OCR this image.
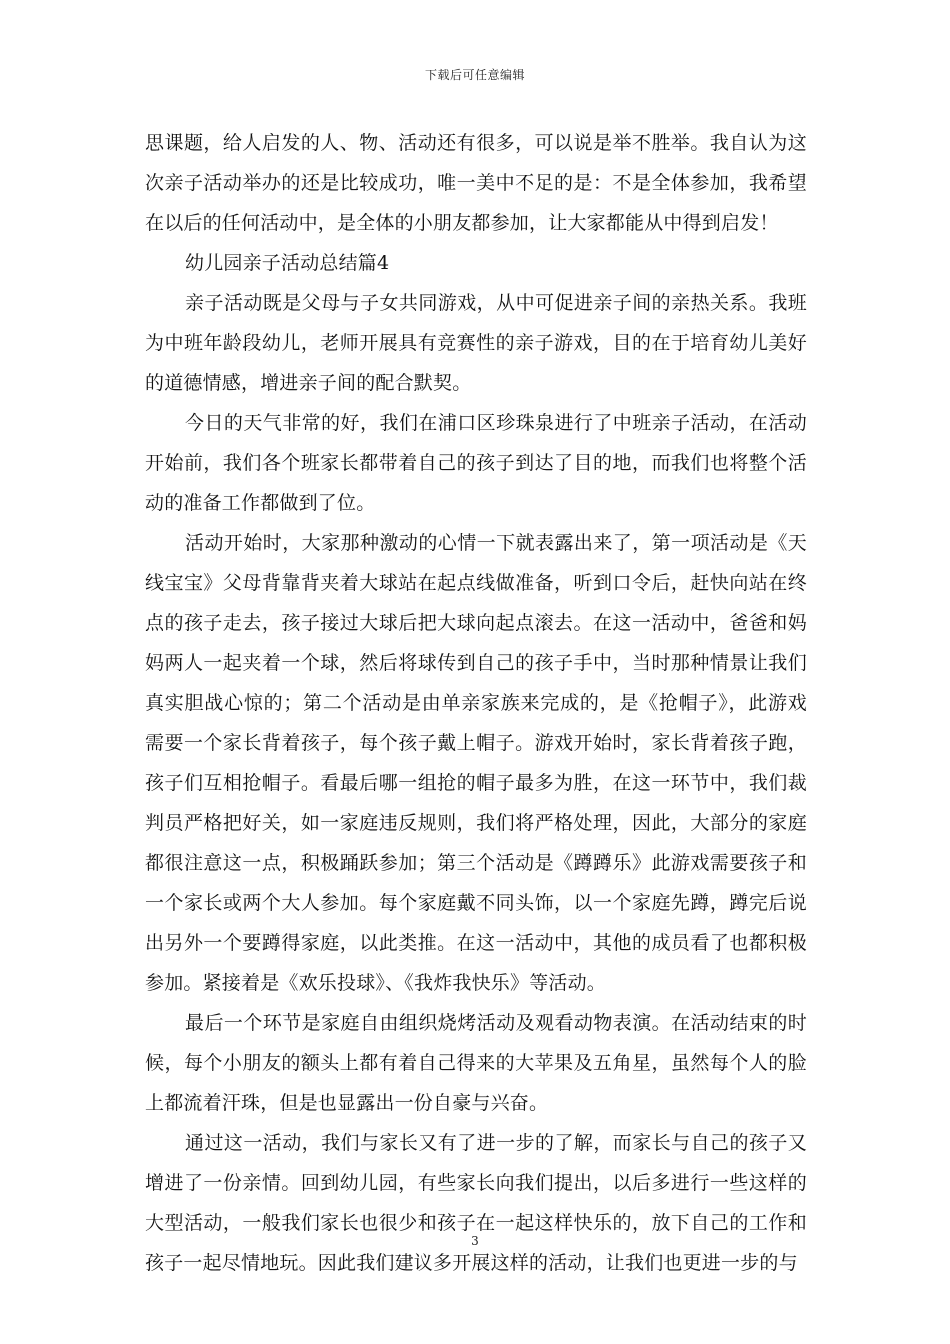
下载后可任意编辑

思课题，给人启发的人、物、活动还有很多，可以说是举不胜举。我自认为这次亲子活动举办的还是比较成功，唯一美中不足的是：不是全体参加，我希望在以后的任何活动中，是全体的小朋友都参加，让大家都能从中得到启发！

幼儿园亲子活动总结篇4

亲子活动既是父母与子女共同游戏，从中可促进亲子间的亲热关系。我班为中班年龄段幼儿，老师开展具有竞赛性的亲子游戏，目的在于培育幼儿美好的道德情感，增进亲子间的配合默契。

今日的天气非常的好，我们在浦口区珍珠泉进行了中班亲子活动，在活动开始前，我们各个班家长都带着自己的孩子到达了目的地，而我们也将整个活动的准备工作都做到了位。

活动开始时，大家那种激动的心情一下就表露出来了，第一项活动是《天线宝宝》父母背靠背夹着大球站在起点线做准备，听到口令后，赶快向站在终点的孩子走去，孩子接过大球后把大球向起点滚去。在这一活动中，爸爸和妈妈两人一起夹着一个球，然后将球传到自己的孩子手中，当时那种情景让我们真实胆战心惊的；第二个活动是由单亲家族来完成的，是《抢帽子》，此游戏需要一个家长背着孩子，每个孩子戴上帽子。游戏开始时，家长背着孩子跑，孩子们互相抢帽子。看最后哪一组抢的帽子最多为胜，在这一环节中，我们裁判员严格把好关，如一家庭违反规则，我们将严格处理，因此，大部分的家庭都很注意这一点，积极踊跃参加；第三个活动是《蹲蹲乐》此游戏需要孩子和一个家长或两个大人参加。每个家庭戴不同头饰，以一个家庭先蹲，蹲完后说出另外一个要蹲得家庭，以此类推。在这一活动中，其他的成员看了也都积极参加。紧接着是《欢乐投球》、《我炸我快乐》等活动。

最后一个环节是家庭自由组织烧烤活动及观看动物表演。在活动结束的时候，每个小朋友的额头上都有着自己得来的大苹果及五角星，虽然每个人的脸上都流着汗珠，但是也显露出一份自豪与兴奋。

通过这一活动，我们与家长又有了进一步的了解，而家长与自己的孩子又增进了一份亲情。回到幼儿园，有些家长向我们提出，以后多进行一些这样的大型活动，一般我们家长也很少和孩子在一起这样快乐的，放下自己的工作和孩子一起尽情地玩。因此我们建议多开展这样的活动，让我们也更进一步的与

3
